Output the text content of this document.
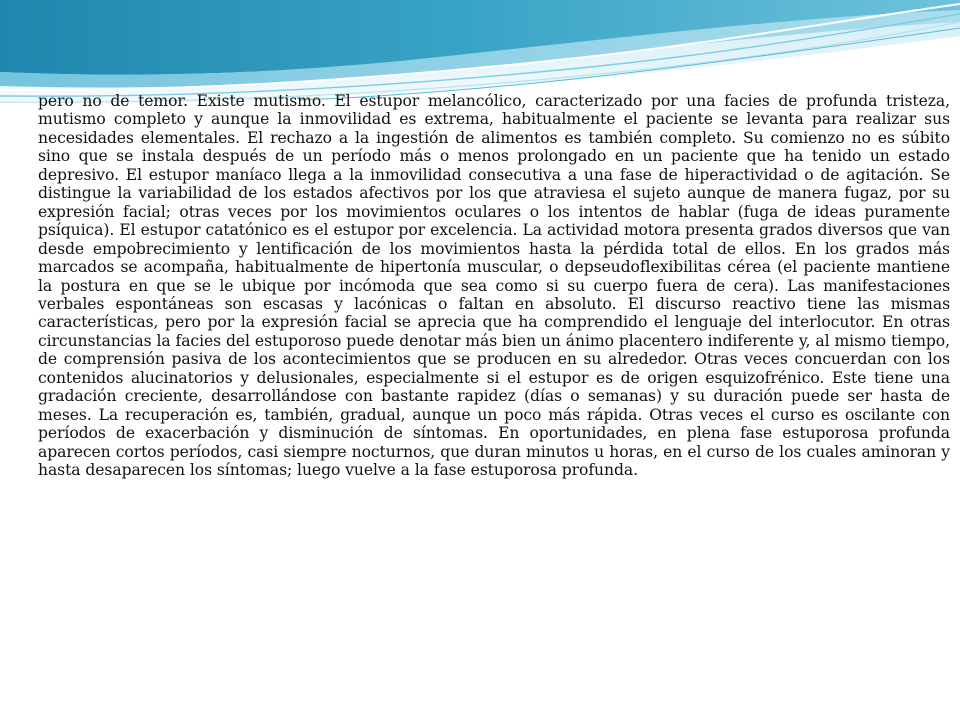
pero no de temor. Existe mutismo. El estupor melancólico, caracterizado por una facies de profunda tristeza, mutismo completo y aunque la inmovilidad es extrema, habitualmente el paciente se levanta para realizar sus necesidades elementales. El rechazo a la ingestión de alimentos es también completo. Su comienzo no es súbito sino que se instala después de un período más o menos prolongado en un paciente que ha tenido un estado depresivo. El estupor maníaco llega a la inmovilidad consecutiva a una fase de hiperactividad o de agitación. Se distingue la variabilidad de los estados afectivos por los que atraviesa el sujeto aunque de manera fugaz, por su expresión facial; otras veces por los movimientos oculares o los intentos de hablar (fuga de ideas puramente psíquica). El estupor catatónico es el estupor por excelencia. La actividad motora presenta grados diversos que van desde empobrecimiento y lentificación de los movimientos hasta la pérdida total de ellos. En los grados más marcados se acompaña, habitualmente de hipertonía muscular, o depseudoflexibilitas cérea (el paciente mantiene la postura en que se le ubique por incómoda que sea como si su cuerpo fuera de cera). Las manifestaciones verbales espontáneas son escasas y lacónicas o faltan en absoluto. El discurso reactivo tiene las mismas características, pero por la expresión facial se aprecia que ha comprendido el lenguaje del interlocutor. En otras circunstancias la facies del estuporoso puede denotar más bien un ánimo placentero indiferente y, al mismo tiempo, de comprensión pasiva de los acontecimientos que se producen en su alrededor. Otras veces concuerdan con los contenidos alucinatorios y delusionales, especialmente si el estupor es de origen esquizofrénico. Este tiene una gradación creciente, desarrollándose con bastante rapidez (días o semanas) y su duración puede ser hasta de meses. La recuperación es, también, gradual, aunque un poco más rápida. Otras veces el curso es oscilante con períodos de exacerbación y disminución de síntomas. En oportunidades, en plena fase estuporosa profunda aparecen cortos períodos, casi siempre nocturnos, que duran minutos u horas, en el curso de los cuales aminoran y hasta desaparecen los síntomas; luego vuelve a la fase estuporosa profunda.
